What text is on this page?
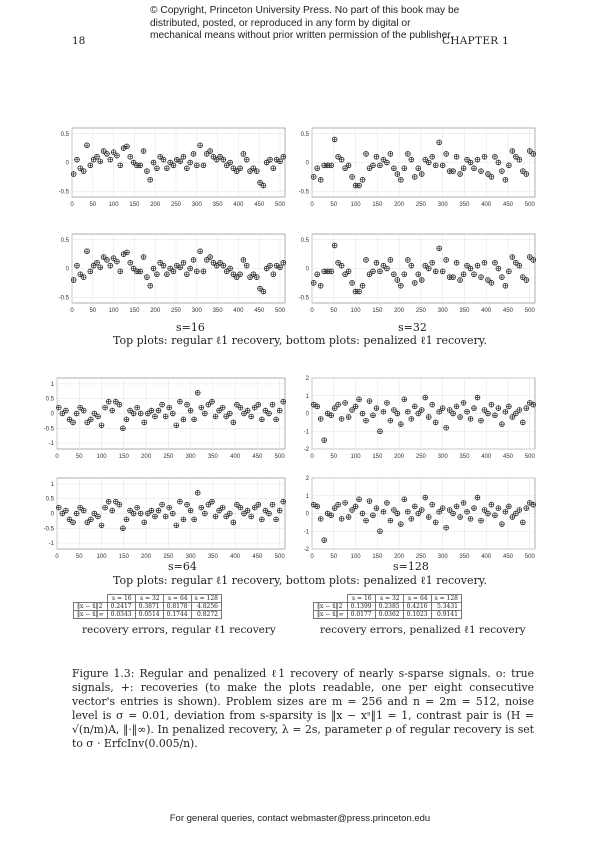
© Copyright, Princeton University Press. No part of this book may be distributed, posted, or reproduced in any form by digital or mechanical means without prior written permission of the publisher.
18	CHAPTER 1
0	50 100 150 200 250 300 350 400 450 500
0.5
0
-0.5
0	50 100 150 200 250 300 350 400 450 500
0.5
0
-0.5
0	50 100 150 200 250 300 350 400 450 500
0.5
0
-0.5
0	50 100 150 200 250 300 350 400 450 500
0.5
0
-0.5
s=16	s=32
Top plots: regular ℓ1 recovery, bottom plots: penalized ℓ1 recovery.
0	50 100 150 200 250 300 350 400 450 500
1
0.5
0
-0.5
-1
0	50 100 150 200 250 300 350 400 450 500
2
1
0
-1
-2
0	50 100 150 200 250 300 350 400 450 500
1
0.5
0
-0.5
-1
0	50 100 150 200 250 300 350 400 450 500
2
1
0
-1
-2
s=64	s=128
Top plots: regular ℓ1 recovery, bottom plots: penalized ℓ1 recovery.
	s = 16	s = 32	s = 64	s = 128
‖x − x̂‖2	0.2417	0.3871	0.8178	4.8256
‖x − x̂‖∞	0.0343	0.0514	0.1744	0.8272
recovery errors, regular ℓ1 recovery
	s = 16	s = 32	s = 64	s = 128
‖x − x̂‖2	0.1399	0.2385	0.4216	5.3431
‖x − x̂‖∞	0.0177	0.0362	0.1023	0.9141
recovery errors, penalized ℓ1 recovery
Figure 1.3: Regular and penalized ℓ1 recovery of nearly s-sparse signals. o: true signals, +: recoveries (to make the plots readable, one per eight consecutive vector's entries is shown). Problem sizes are m = 256 and n = 2m = 512, noise level is σ = 0.01, deviation from s-sparsity is ‖x − xˢ‖1 = 1, contrast pair is (H = √(n/m)A, ‖·‖∞). In penalized recovery, λ = 2s, parameter ρ of regular recovery is set to σ · ErfcInv(0.005/n).
For general queries, contact webmaster@press.princeton.edu
